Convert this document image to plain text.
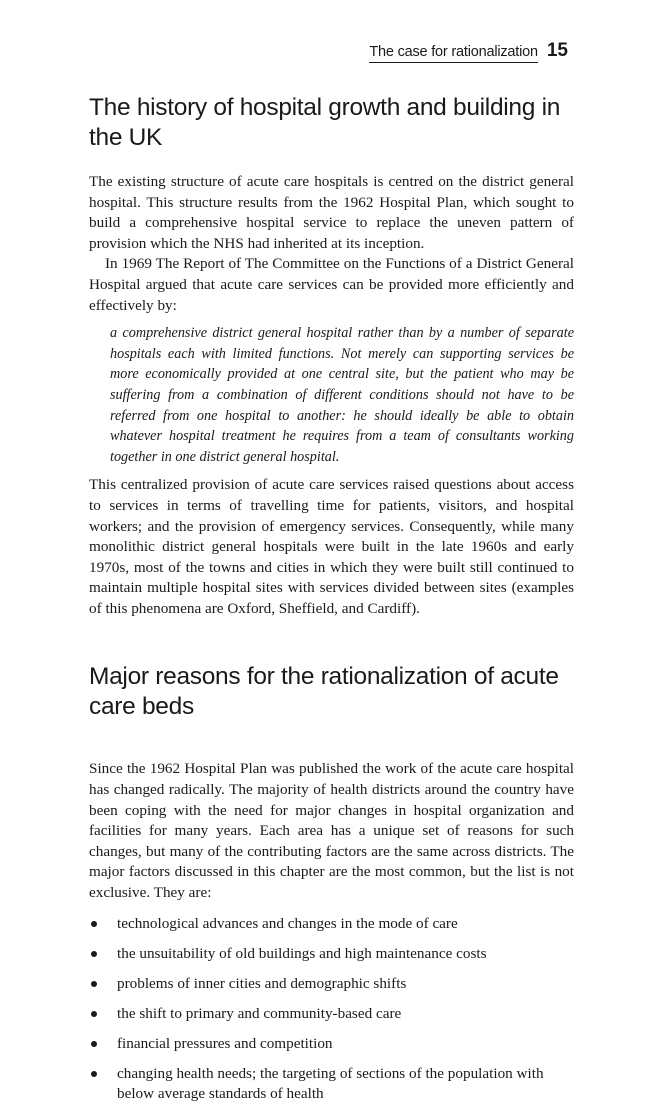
The case for rationalization 15
The history of hospital growth and building in the UK

The existing structure of acute care hospitals is centred on the district general hospital. This structure results from the 1962 Hospital Plan, which sought to build a comprehensive hospital service to replace the uneven pattern of provision which the NHS had inherited at its inception.

In 1969 The Report of The Committee on the Functions of a District General Hospital argued that acute care services can be provided more efficiently and effectively by:

a comprehensive district general hospital rather than by a number of separate hospitals each with limited functions. Not merely can supporting services be more economically provided at one central site, but the patient who may be suffering from a combination of different conditions should not have to be referred from one hospital to another: he should ideally be able to obtain whatever hospital treatment he requires from a team of consultants working together in one district general hospital.

This centralized provision of acute care services raised questions about access to services in terms of travelling time for patients, visitors, and hospital workers; and the provision of emergency services. Consequently, while many monolithic district general hospitals were built in the late 1960s and early 1970s, most of the towns and cities in which they were built still continued to maintain multiple hospital sites with services divided between sites (examples of this phenomena are Oxford, Sheffield, and Cardiff).

Major reasons for the rationalization of acute care beds

Since the 1962 Hospital Plan was published the work of the acute care hospital has changed radically. The majority of health districts around the country have been coping with the need for major changes in hospital organization and facilities for many years. Each area has a unique set of reasons for such changes, but many of the contributing factors are the same across districts. The major factors discussed in this chapter are the most common, but the list is not exclusive. They are:

technological advances and changes in the mode of care
the unsuitability of old buildings and high maintenance costs
problems of inner cities and demographic shifts
the shift to primary and community-based care
financial pressures and competition
changing health needs; the targeting of sections of the population with below average standards of health
